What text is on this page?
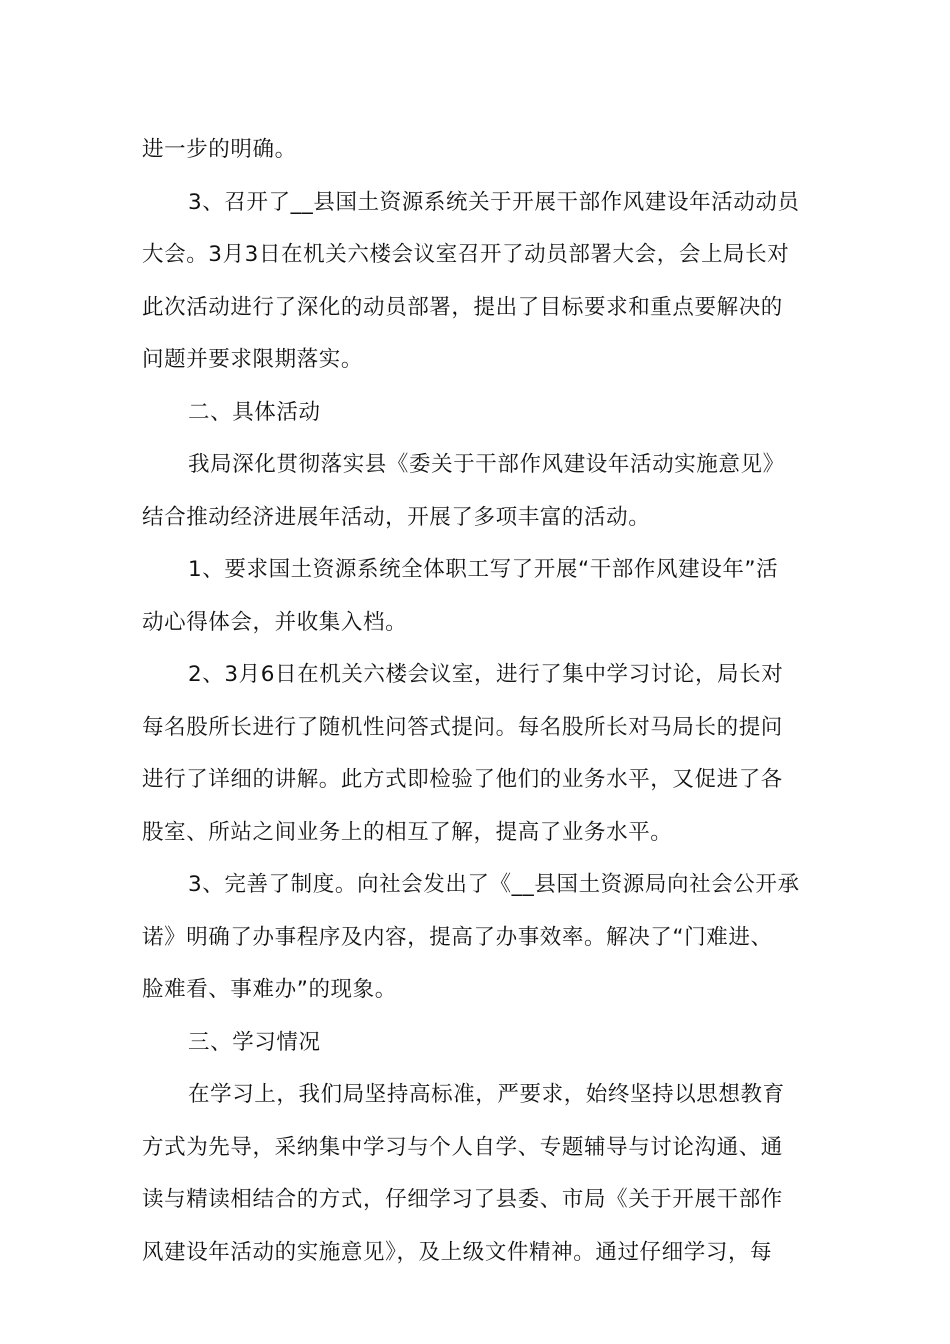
进一步的明确。
3、召开了__县国土资源系统关于开展干部作风建设年活动动员
大会。3月3日在机关六楼会议室召开了动员部署大会，会上局长对
此次活动进行了深化的动员部署，提出了目标要求和重点要解决的
问题并要求限期落实。
二、具体活动
我局深化贯彻落实县《委关于干部作风建设年活动实施意见》
结合推动经济进展年活动，开展了多项丰富的活动。
1、要求国土资源系统全体职工写了开展“干部作风建设年”活
动心得体会，并收集入档。
2、3月6日在机关六楼会议室，进行了集中学习讨论，局长对
每名股所长进行了随机性问答式提问。每名股所长对马局长的提问
进行了详细的讲解。此方式即检验了他们的业务水平，又促进了各
股室、所站之间业务上的相互了解，提高了业务水平。
3、完善了制度。向社会发出了《__县国土资源局向社会公开承
诺》明确了办事程序及内容，提高了办事效率。解决了“门难进、
脸难看、事难办”的现象。
三、学习情况
在学习上，我们局坚持高标准，严要求，始终坚持以思想教育
方式为先导，采纳集中学习与个人自学、专题辅导与讨论沟通、通
读与精读相结合的方式，仔细学习了县委、市局《关于开展干部作
风建设年活动的实施意见》，及上级文件精神。通过仔细学习，每
